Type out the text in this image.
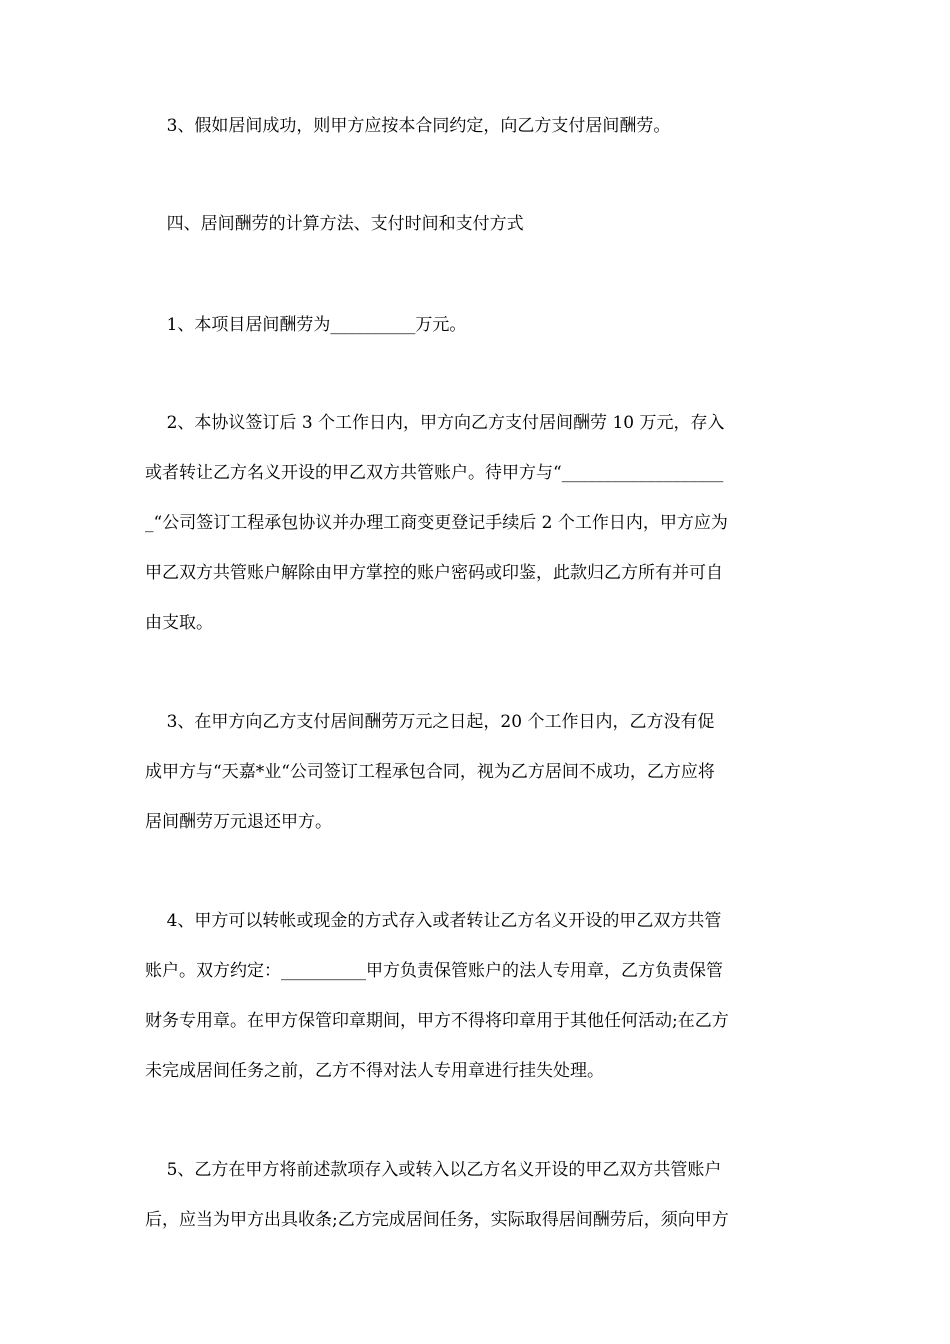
3、假如居间成功，则甲方应按本合同约定，向乙方支付居间酬劳。
四、居间酬劳的计算方法、支付时间和支付方式
1、本项目居间酬劳为__________万元。
2、本协议签订后 3 个工作日内，甲方向乙方支付居间酬劳 10 万元，存入
或者转让乙方名义开设的甲乙双方共管账户。待甲方与“___________________
_“公司签订工程承包协议并办理工商变更登记手续后 2 个工作日内，甲方应为
甲乙双方共管账户解除由甲方掌控的账户密码或印鉴，此款归乙方所有并可自
由支取。
3、在甲方向乙方支付居间酬劳万元之日起，20 个工作日内，乙方没有促
成甲方与“天嘉*业“公司签订工程承包合同，视为乙方居间不成功，乙方应将
居间酬劳万元退还甲方。
4、甲方可以转帐或现金的方式存入或者转让乙方名义开设的甲乙双方共管
账户。双方约定：__________甲方负责保管账户的法人专用章，乙方负责保管
财务专用章。在甲方保管印章期间，甲方不得将印章用于其他任何活动;在乙方
未完成居间任务之前，乙方不得对法人专用章进行挂失处理。
5、乙方在甲方将前述款项存入或转入以乙方名义开设的甲乙双方共管账户
后，应当为甲方出具收条;乙方完成居间任务，实际取得居间酬劳后，须向甲方
